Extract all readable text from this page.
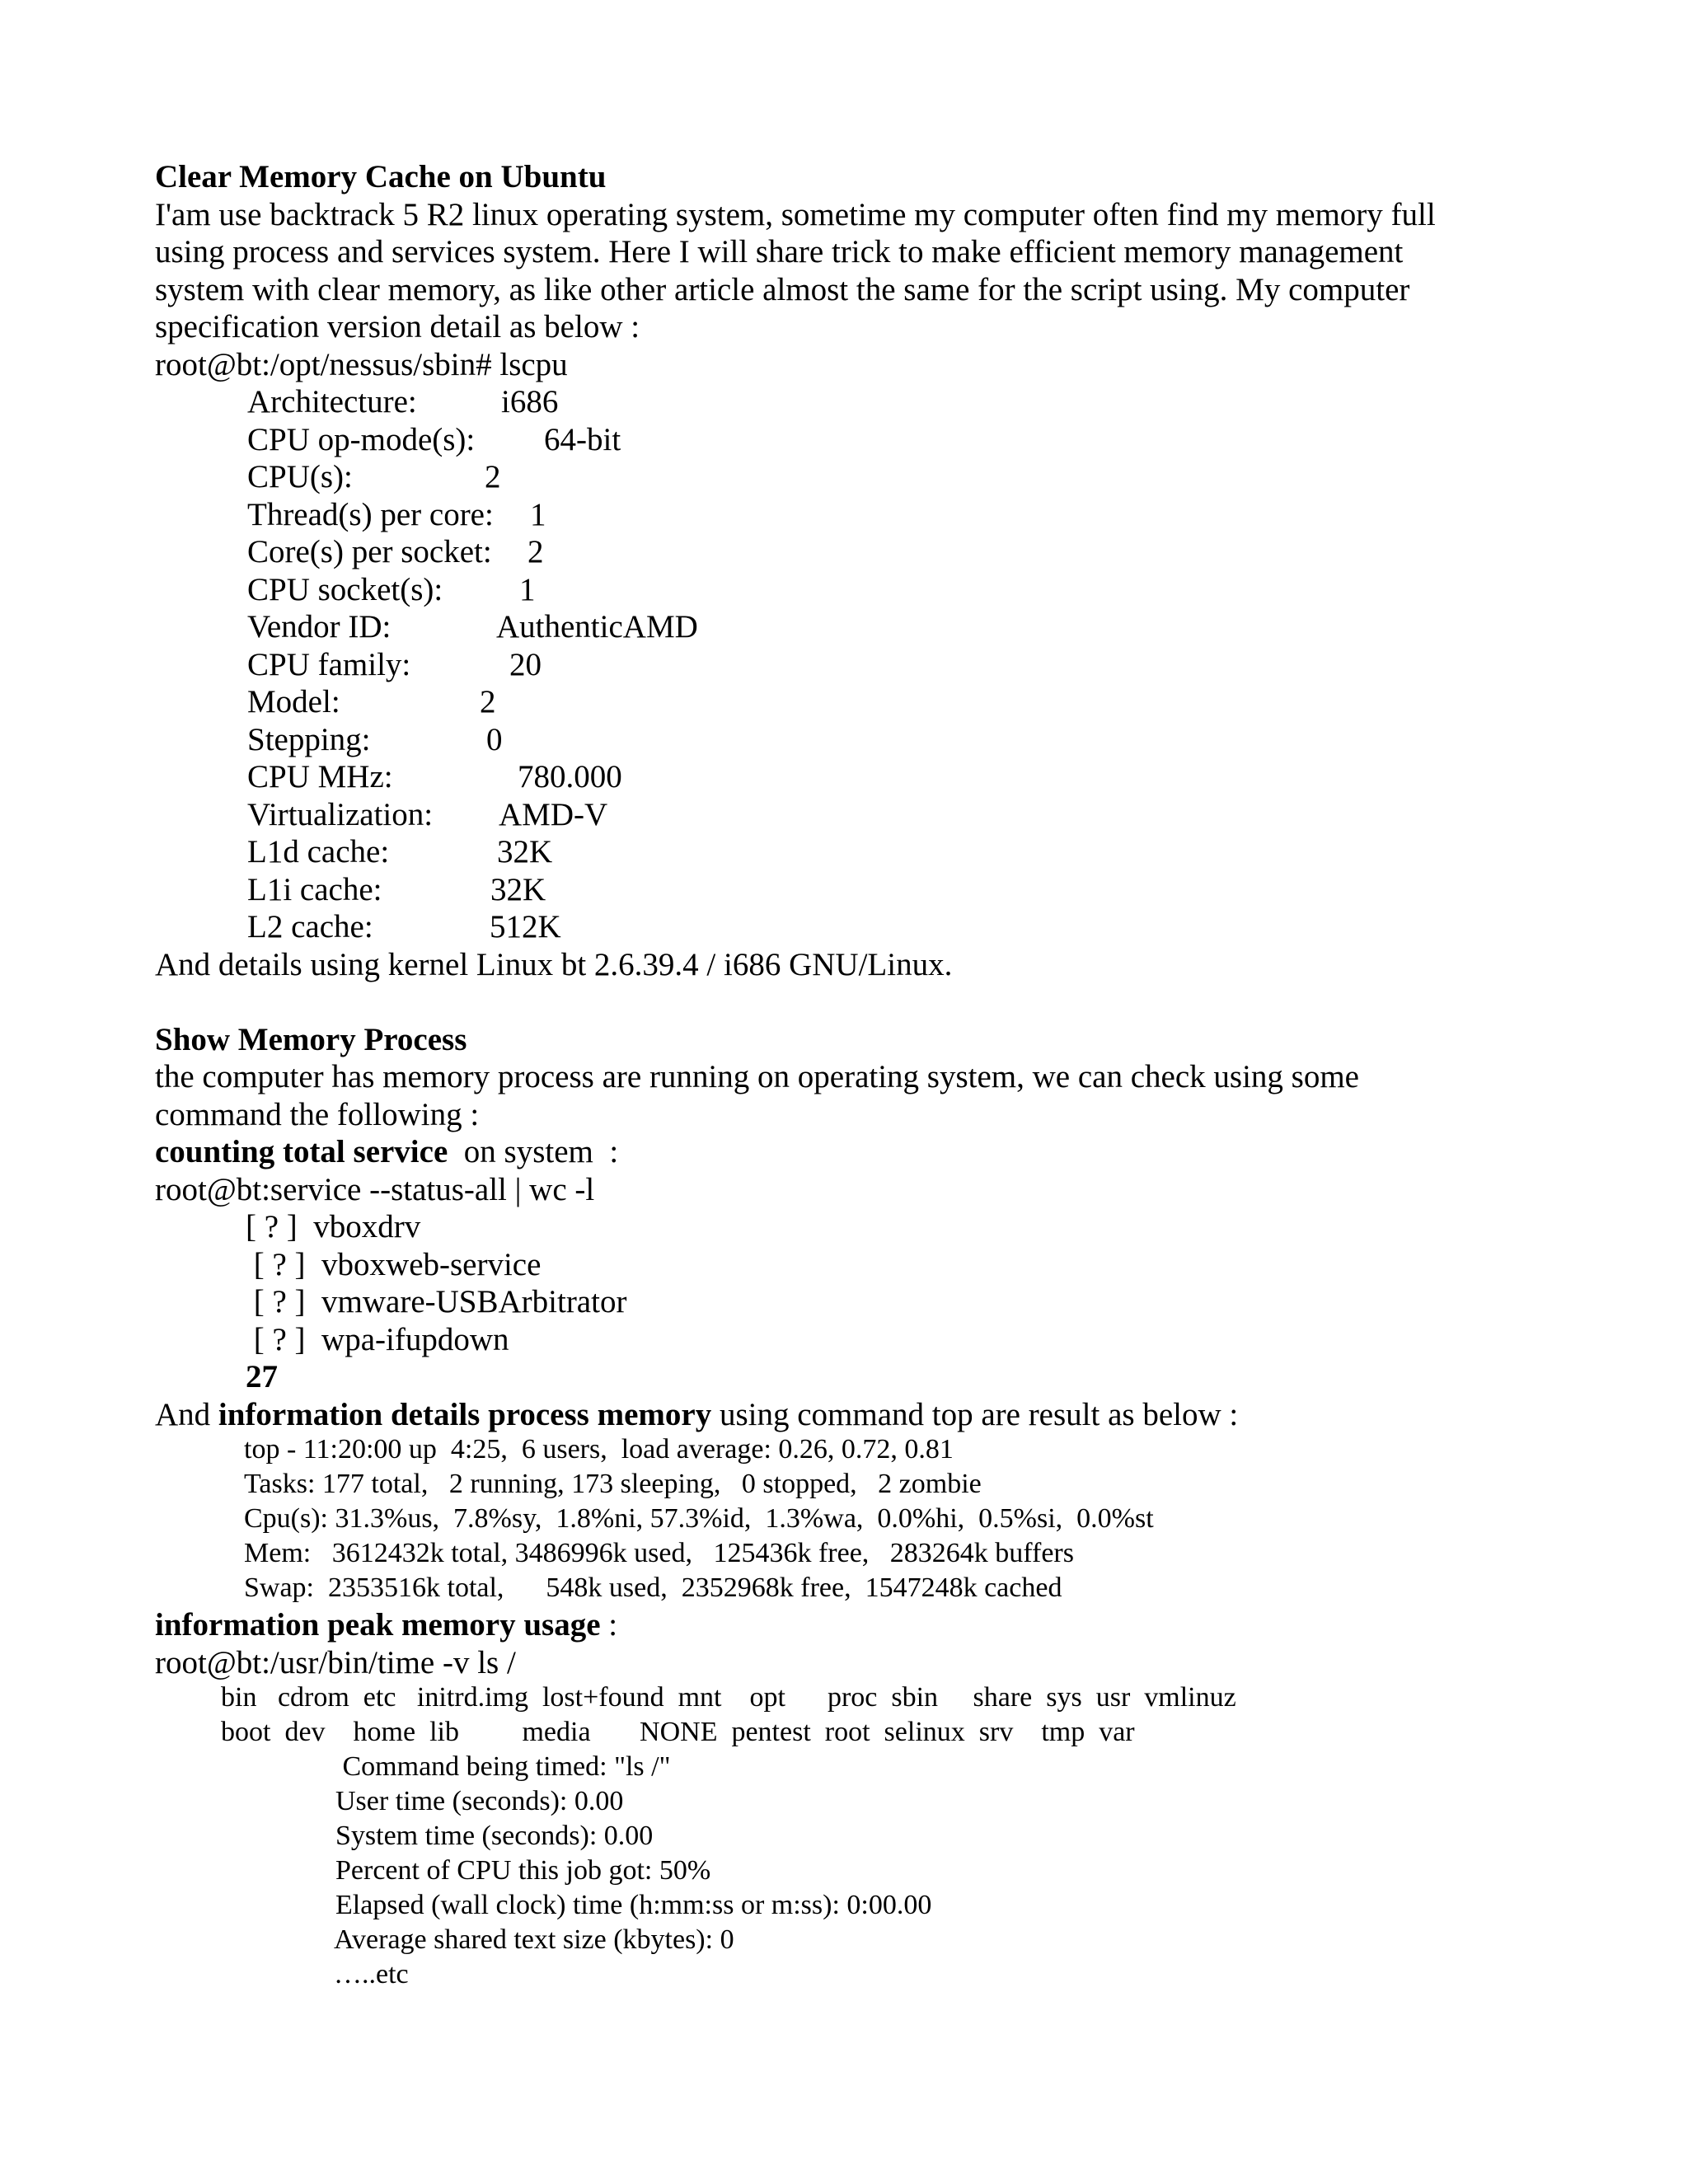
Clear Memory Cache on Ubuntu
I'am use backtrack 5 R2 linux operating system, sometime my computer often find my memory full
using process and services system. Here I will share trick to make efficient memory management
system with clear memory, as like other article almost the same for the script using. My computer
specification version detail as below :
root@bt:/opt/nessus/sbin# lscpu
Architecture:	i686
CPU op-mode(s): 64-bit
CPU(s):	2
Thread(s) per core: 1
Core(s) per socket: 2
CPU socket(s): 1
Vendor ID:	AuthenticAMD
CPU family:	20
Model:	2
Stepping:	0
CPU MHz:	780.000
Virtualization: AMD-V
L1d cache:	32K
L1i cache:	32K
L2 cache:	512K
And details using kernel Linux bt 2.6.39.4 / i686 GNU/Linux.
Show Memory Process
the computer has memory process are running on operating system, we can check using some
command the following :
counting total service  on system  :
root@bt:service --status-all | wc -l
[ ? ]  vboxdrv
[ ? ]  vboxweb-service
[ ? ]  vmware-USBArbitrator
[ ? ]  wpa-ifupdown
27
And information details process memory using command top are result as below :
top - 11:20:00 up  4:25,  6 users,  load average: 0.26, 0.72, 0.81
Tasks: 177 total,   2 running, 173 sleeping,   0 stopped,   2 zombie
Cpu(s): 31.3%us,  7.8%sy,  1.8%ni, 57.3%id,  1.3%wa,  0.0%hi,  0.5%si,  0.0%st
Mem:   3612432k total, 3486996k used,   125436k free,   283264k buffers
Swap:  2353516k total,      548k used,  2352968k free,  1547248k cached
information peak memory usage :
root@bt:/usr/bin/time -v ls /
bin   cdrom  etc   initrd.img  lost+found  mnt    opt      proc  sbin     share  sys  usr  vmlinuz
boot  dev    home  lib         media       NONE  pentest  root  selinux  srv    tmp  var
Command being timed: "ls /"
User time (seconds): 0.00
System time (seconds): 0.00
Percent of CPU this job got: 50%
Elapsed (wall clock) time (h:mm:ss or m:ss): 0:00.00
Average shared text size (kbytes): 0
…..etc
